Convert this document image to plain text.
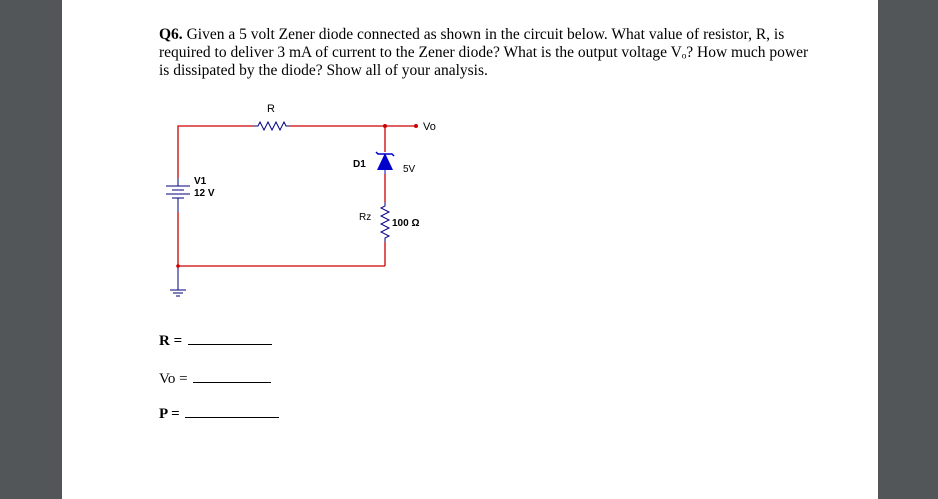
Q6. Given a 5 volt Zener diode connected as shown in the circuit below. What value of resistor, R, is required to deliver 3 mA of current to the Zener diode? What is the output voltage Vₒ? How much power is dissipated by the diode? Show all of your analysis.
R
Vo
D1	5V
Rz
100 Ω
V1
12 V
R =
Vo =
P =
